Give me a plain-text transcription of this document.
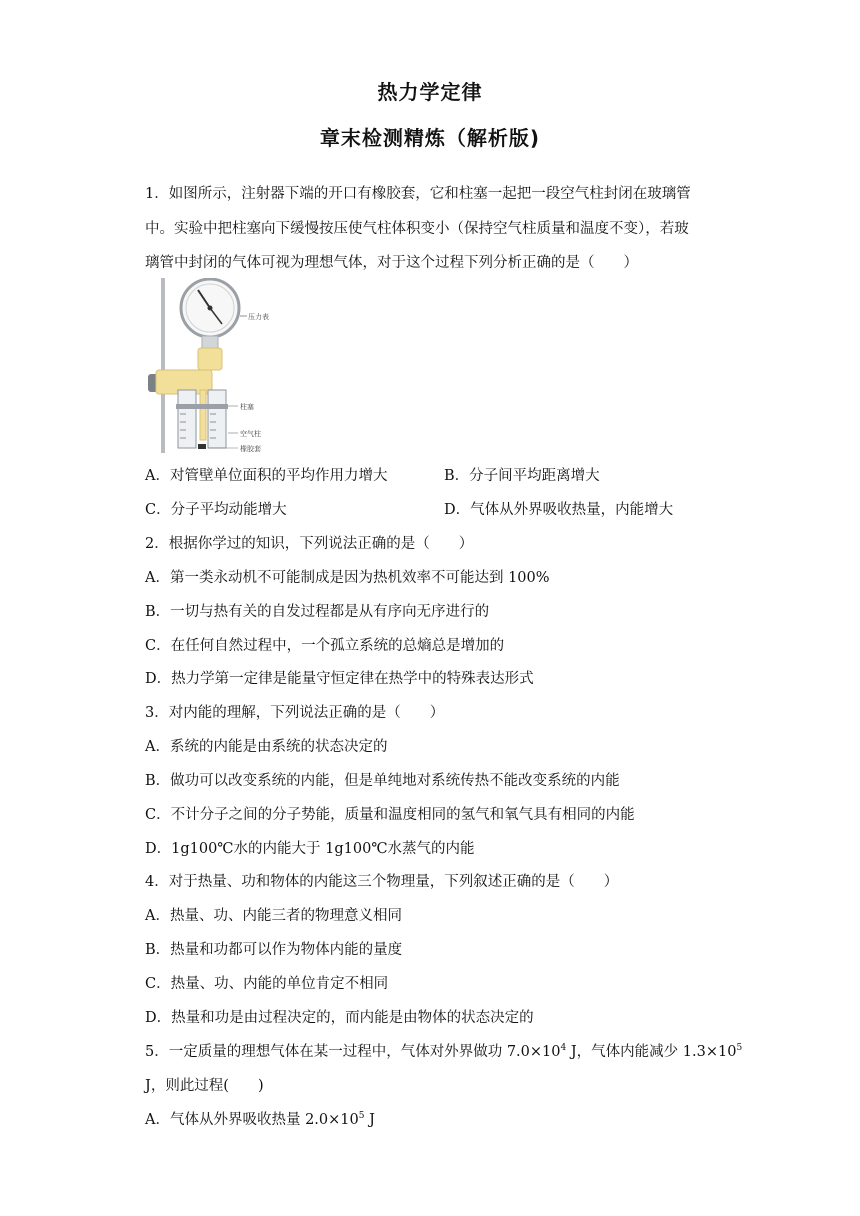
热力学定律
章末检测精炼（解析版)
1．如图所示，注射器下端的开口有橡胶套，它和柱塞一起把一段空气柱封闭在玻璃管
中。实验中把柱塞向下缓慢按压使气柱体积变小（保持空气柱质量和温度不变），若玻
璃管中封闭的气体可视为理想气体，对于这个过程下列分析正确的是（　　）
压力表
柱塞
空气柱
橡胶套
A．对管壁单位面积的平均作用力增大	B．分子间平均距离增大
C．分子平均动能增大	D．气体从外界吸收热量，内能增大
2．根据你学过的知识，下列说法正确的是（　　）
A．第一类永动机不可能制成是因为热机效率不可能达到 100%
B．一切与热有关的自发过程都是从有序向无序进行的
C．在任何自然过程中，一个孤立系统的总熵总是增加的
D．热力学第一定律是能量守恒定律在热学中的特殊表达形式
3．对内能的理解，下列说法正确的是（　　）
A．系统的内能是由系统的状态决定的
B．做功可以改变系统的内能，但是单纯地对系统传热不能改变系统的内能
C．不计分子之间的分子势能，质量和温度相同的氢气和氧气具有相同的内能
D．1g100℃水的内能大于 1g100℃水蒸气的内能
4．对于热量、功和物体的内能这三个物理量，下列叙述正确的是（　　）
A．热量、功、内能三者的物理意义相同
B．热量和功都可以作为物体内能的量度
C．热量、功、内能的单位肯定不相同
D．热量和功是由过程决定的，而内能是由物体的状态决定的
5．一定质量的理想气体在某一过程中，气体对外界做功 $7.0\times 10^4$ J，气体内能减少 $1.3\times 10^5$
J，则此过程(　　)
A．气体从外界吸收热量 $2.0\times 10^5$ J
